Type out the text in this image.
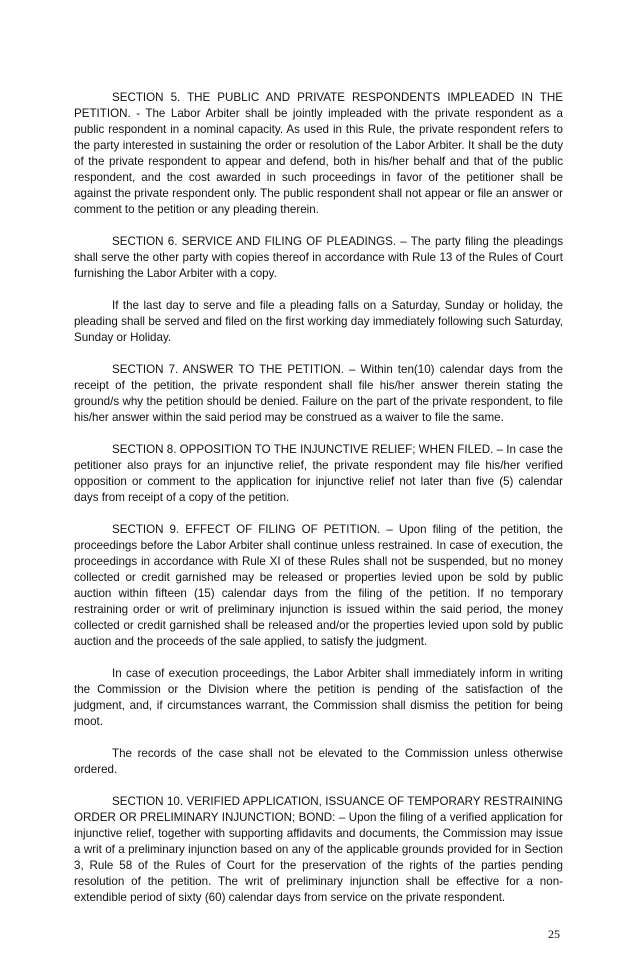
SECTION 5. THE PUBLIC AND PRIVATE RESPONDENTS IMPLEADED IN THE PETITION. - The Labor Arbiter shall be jointly impleaded with the private respondent as a public respondent in a nominal capacity. As used in this Rule, the private respondent refers to the party interested in sustaining the order or resolution of the Labor Arbiter. It shall be the duty of the private respondent to appear and defend, both in his/her behalf and that of the public respondent, and the cost awarded in such proceedings in favor of the petitioner shall be against the private respondent only. The public respondent shall not appear or file an answer or comment to the petition or any pleading therein.

SECTION 6. SERVICE AND FILING OF PLEADINGS. – The party filing the pleadings shall serve the other party with copies thereof in accordance with Rule 13 of the Rules of Court furnishing the Labor Arbiter with a copy.

If the last day to serve and file a pleading falls on a Saturday, Sunday or holiday, the pleading shall be served and filed on the first working day immediately following such Saturday, Sunday or Holiday.

SECTION 7. ANSWER TO THE PETITION. – Within ten(10) calendar days from the receipt of the petition, the private respondent shall file his/her answer therein stating the ground/s why the petition should be denied. Failure on the part of the private respondent, to file his/her answer within the said period may be construed as a waiver to file the same.

SECTION 8. OPPOSITION TO THE INJUNCTIVE RELIEF; WHEN FILED. – In case the petitioner also prays for an injunctive relief, the private respondent may file his/her verified opposition or comment to the application for injunctive relief not later than five (5) calendar days from receipt of a copy of the petition.

SECTION 9. EFFECT OF FILING OF PETITION. – Upon filing of the petition, the proceedings before the Labor Arbiter shall continue unless restrained. In case of execution, the proceedings in accordance with Rule XI of these Rules shall not be suspended, but no money collected or credit garnished may be released or properties levied upon be sold by public auction within fifteen (15) calendar days from the filing of the petition. If no temporary restraining order or writ of preliminary injunction is issued within the said period, the money collected or credit garnished shall be released and/or the properties levied upon sold by public auction and the proceeds of the sale applied, to satisfy the judgment.

In case of execution proceedings, the Labor Arbiter shall immediately inform in writing the Commission or the Division where the petition is pending of the satisfaction of the judgment, and, if circumstances warrant, the Commission shall dismiss the petition for being moot.

The records of the case shall not be elevated to the Commission unless otherwise ordered.

SECTION 10. VERIFIED APPLICATION, ISSUANCE OF TEMPORARY RESTRAINING ORDER OR PRELIMINARY INJUNCTION; BOND: – Upon the filing of a verified application for injunctive relief, together with supporting affidavits and documents, the Commission may issue a writ of a preliminary injunction based on any of the applicable grounds provided for in Section 3, Rule 58 of the Rules of Court for the preservation of the rights of the parties pending resolution of the petition. The writ of preliminary injunction shall be effective for a non-extendible period of sixty (60) calendar days from service on the private respondent.

25
